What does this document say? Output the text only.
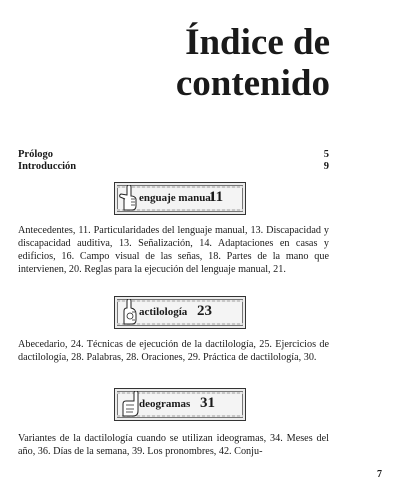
Índice de
contenido
Prólogo	5
Introducción	9
enguaje manual
11
Antecedentes, 11. Particularidades del lenguaje manual, 13. Discapacidad y discapacidad auditiva, 13. Señalización, 14. Adaptaciones en casas y edificios, 16. Campo visual de las señas, 18. Partes de la mano que intervienen, 20. Reglas para la ejecución del lenguaje manual, 21.
actilología 23
Abecedario, 24. Técnicas de ejecución de la dactilología, 25. Ejercicios de dactilología, 28. Palabras, 28. Oraciones, 29. Práctica de dactilología, 30.
deogramas 31
Variantes de la dactilología cuando se utilizan ideogramas, 34. Meses del año, 36. Días de la semana, 39. Los pronombres, 42. Conju-
7
